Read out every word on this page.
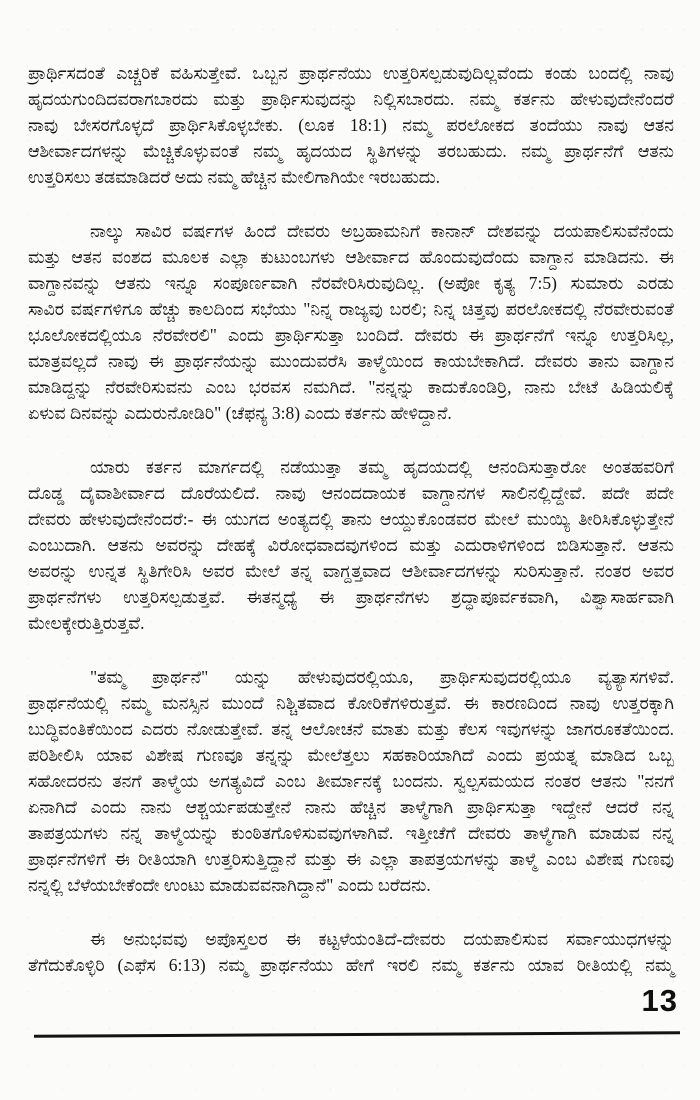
ಪ್ರಾರ್ಥಿಸದಂತೆ ಎಚ್ಚರಿಕೆ ವಹಿಸುತ್ತೇವೆ. ಒಬ್ಬನ ಪ್ರಾರ್ಥನೆಯು ಉತ್ತರಿಸಲ್ಪಡುವುದಿಲ್ಲವೆಂದು ಕಂಡು ಬಂದಲ್ಲಿ ನಾವು
ಹೃದಯಗುಂದಿದವರಾಗಬಾರದು ಮತ್ತು ಪ್ರಾರ್ಥಿಸುವುದನ್ನು ನಿಲ್ಲಿಸಬಾರದು. ನಮ್ಮ ಕರ್ತನು ಹೇಳುವುದೇನೆಂದರೆ
ನಾವು ಬೇಸರಗೊಳ್ಳದೆ ಪ್ರಾರ್ಥಿಸಿಕೊಳ್ಳಬೇಕು. (ಲೂಕ 18:1) ನಮ್ಮ ಪರಲೋಕದ ತಂದೆಯು ನಾವು ಆತನ
ಆಶೀರ್ವಾದಗಳನ್ನು ಮೆಚ್ಚಿಕೊಳ್ಳುವಂತೆ ನಮ್ಮ ಹೃದಯದ ಸ್ಥಿತಿಗಳನ್ನು ತರಬಹುದು. ನಮ್ಮ ಪ್ರಾರ್ಥನೆಗೆ ಆತನು
ಉತ್ತರಿಸಲು ತಡಮಾಡಿದರೆ ಅದು ನಮ್ಮ ಹೆಚ್ಚಿನ ಮೇಲಿಗಾಗಿಯೇ ಇರಬಹುದು.
ನಾಲ್ಕು ಸಾವಿರ ವರ್ಷಗಳ ಹಿಂದೆ ದೇವರು ಅಬ್ರಹಾಮನಿಗೆ ಕಾನಾನ್ ದೇಶವನ್ನು ದಯಪಾಲಿಸುವೆನೆಂದು
ಮತ್ತು ಆತನ ವಂಶದ ಮೂಲಕ ಎಲ್ಲಾ ಕುಟುಂಬಗಳು ಆಶೀರ್ವಾದ ಹೊಂದುವುದೆಂದು ವಾಗ್ದಾನ ಮಾಡಿದನು. ಈ
ವಾಗ್ದಾನವನ್ನು ಆತನು ಇನ್ನೂ ಸಂಪೂರ್ಣವಾಗಿ ನೆರವೇರಿಸಿರುವುದಿಲ್ಲ. (ಅಪೋ ಕೃತ್ಯ 7:5) ಸುಮಾರು ಎರಡು
ಸಾವಿರ ವರ್ಷಗಳಿಗೂ ಹೆಚ್ಚು ಕಾಲದಿಂದ ಸಭೆಯು "ನಿನ್ನ ರಾಜ್ಯವು ಬರಲಿ; ನಿನ್ನ ಚಿತ್ತವು ಪರಲೋಕದಲ್ಲಿ ನೆರವೇರುವಂತೆ
ಭೂಲೋಕದಲ್ಲಿಯೂ ನೆರವೇರಲಿ" ಎಂದು ಪ್ರಾರ್ಥಿಸುತ್ತಾ ಬಂದಿದೆ. ದೇವರು ಈ ಪ್ರಾರ್ಥನೆಗೆ ಇನ್ನೂ ಉತ್ತರಿಸಿಲ್ಲ,
ಮಾತ್ರವಲ್ಲದೆ ನಾವು ಈ ಪ್ರಾರ್ಥನೆಯನ್ನು ಮುಂದುವರೆಸಿ ತಾಳ್ಮೆಯಿಂದ ಕಾಯಬೇಕಾಗಿದೆ. ದೇವರು ತಾನು ವಾಗ್ದಾನ
ಮಾಡಿದ್ದನ್ನು ನೆರವೇರಿಸುವನು ಎಂಬ ಭರವಸ ನಮಗಿದೆ. "ನನ್ನನ್ನು ಕಾದುಕೊಂಡಿರ್ರಿ, ನಾನು ಬೇಟೆ ಹಿಡಿಯಲಿಕ್ಕೆ
ಏಳುವ ದಿನವನ್ನು ಎದುರುನೋಡಿರಿ" (ಚೆಫನ್ಯ 3:8) ಎಂದು ಕರ್ತನು ಹೇಳಿದ್ದಾನೆ.
ಯಾರು ಕರ್ತನ ಮಾರ್ಗದಲ್ಲಿ ನಡೆಯುತ್ತಾ ತಮ್ಮ ಹೃದಯದಲ್ಲಿ ಆನಂದಿಸುತ್ತಾರೋ ಅಂತಹವರಿಗೆ
ದೊಡ್ಡ ದೈವಾಶೀರ್ವಾದ ದೊರೆಯಲಿದೆ. ನಾವು ಆನಂದದಾಯಕ ವಾಗ್ದಾನಗಳ ಸಾಲಿನಲ್ಲಿದ್ದೇವೆ. ಪದೇ ಪದೇ
ದೇವರು ಹೇಳುವುದೇನೆಂದರೆ:- ಈ ಯುಗದ ಅಂತ್ಯದಲ್ಲಿ ತಾನು ಆಯ್ದುಕೊಂಡವರ ಮೇಲೆ ಮುಯ್ಯಿ ತೀರಿಸಿಕೊಳ್ಳುತ್ತೇನೆ
ಎಂಬುದಾಗಿ. ಆತನು ಅವರನ್ನು ದೇಹಕ್ಕೆ ವಿರೋಧವಾದವುಗಳಿಂದ ಮತ್ತು ಎದುರಾಳಿಗಳಿಂದ ಬಿಡಿಸುತ್ತಾನೆ. ಆತನು
ಅವರನ್ನು ಉನ್ನತ ಸ್ಥಿತಿಗೇರಿಸಿ ಅವರ ಮೇಲೆ ತನ್ನ ವಾಗ್ದತ್ತವಾದ ಆಶೀರ್ವಾದಗಳನ್ನು ಸುರಿಸುತ್ತಾನೆ. ನಂತರ ಅವರ
ಪ್ರಾರ್ಥನೆಗಳು ಉತ್ತರಿಸಲ್ಪಡುತ್ತವೆ. ಈತನ್ಮಧ್ಯೆ ಈ ಪ್ರಾರ್ಥನೆಗಳು ಶ್ರದ್ಧಾಪೂರ್ವಕವಾಗಿ, ವಿಶ್ವಾಸಾರ್ಹವಾಗಿ
ಮೇಲಕ್ಕೇರುತ್ತಿರುತ್ತವೆ.
"ತಮ್ಮ ಪ್ರಾರ್ಥನೆ" ಯನ್ನು ಹೇಳುವುದರಲ್ಲಿಯೂ, ಪ್ರಾರ್ಥಿಸುವುದರಲ್ಲಿಯೂ ವ್ಯತ್ಯಾಸಗಳಿವೆ.
ಪ್ರಾರ್ಥನೆಯಲ್ಲಿ ನಮ್ಮ ಮನಸ್ಸಿನ ಮುಂದೆ ನಿಶ್ಚಿತವಾದ ಕೋರಿಕೆಗಳಿರುತ್ತವೆ. ಈ ಕಾರಣದಿಂದ ನಾವು ಉತ್ತರಕ್ಕಾಗಿ
ಬುದ್ಧಿವಂತಿಕೆಯಿಂದ ಎದರು ನೋಡುತ್ತೇವೆ. ತನ್ನ ಆಲೋಚನೆ ಮಾತು ಮತ್ತು ಕೆಲಸ ಇವುಗಳನ್ನು ಜಾಗರೂಕತೆಯಿಂದ.
ಪರಿಶೀಲಿಸಿ ಯಾವ ವಿಶೇಷ ಗುಣವೂ ತನ್ನನ್ನು ಮೇಲೆತ್ತಲು ಸಹಕಾರಿಯಾಗಿದೆ ಎಂದು ಪ್ರಯತ್ನ ಮಾಡಿದ ಒಬ್ಬ
ಸಹೋದರನು ತನಗೆ ತಾಳ್ಮೆಯ ಅಗತ್ಯವಿದೆ ಎಂಬ ತೀರ್ಮಾನಕ್ಕೆ ಬಂದನು. ಸ್ವಲ್ಪಸಮಯದ ನಂತರ ಆತನು "ನನಗೆ
ಏನಾಗಿದೆ ಎಂದು ನಾನು ಆಶ್ಚರ್ಯಪಡುತ್ತೇನೆ ನಾನು ಹೆಚ್ಚಿನ ತಾಳ್ಮೆಗಾಗಿ ಪ್ರಾರ್ಥಿಸುತ್ತಾ ಇದ್ದೇನೆ ಆದರೆ ನನ್ನ
ತಾಪತ್ರಯಗಳು ನನ್ನ ತಾಳ್ಮೆಯನ್ನು ಕುಂಠಿತಗೊಳಿಸುವವುಗಳಾಗಿವೆ. ಇತ್ತೀಚೆಗೆ ದೇವರು ತಾಳ್ಮೆಗಾಗಿ ಮಾಡುವ ನನ್ನ
ಪ್ರಾರ್ಥನೆಗಳಿಗೆ ಈ ರೀತಿಯಾಗಿ ಉತ್ತರಿಸುತ್ತಿದ್ದಾನೆ ಮತ್ತು ಈ ಎಲ್ಲಾ ತಾಪತ್ರಯಗಳನ್ನು ತಾಳ್ಮೆ ಎಂಬ ವಿಶೇಷ ಗುಣವು
ನನ್ನಲ್ಲಿ ಬೆಳೆಯಬೇಕೆಂದೇ ಉಂಟು ಮಾಡುವವನಾಗಿದ್ದಾನೆ" ಎಂದು ಬರೆದನು.
ಈ ಅನುಭವವು ಅಪೊಸ್ತಲರ ಈ ಕಟ್ಟಳೆಯಂತಿದೆ-ದೇವರು ದಯಪಾಲಿಸುವ ಸರ್ವಾಯುಧಗಳನ್ನು
ತೆಗೆದುಕೊಳ್ಳಿರಿ (ಎಫೆಸ 6:13) ನಮ್ಮ ಪ್ರಾರ್ಥನೆಯು ಹೇಗೆ ಇರಲಿ ನಮ್ಮ ಕರ್ತನು ಯಾವ ರೀತಿಯಲ್ಲಿ ನಮ್ಮ
13
